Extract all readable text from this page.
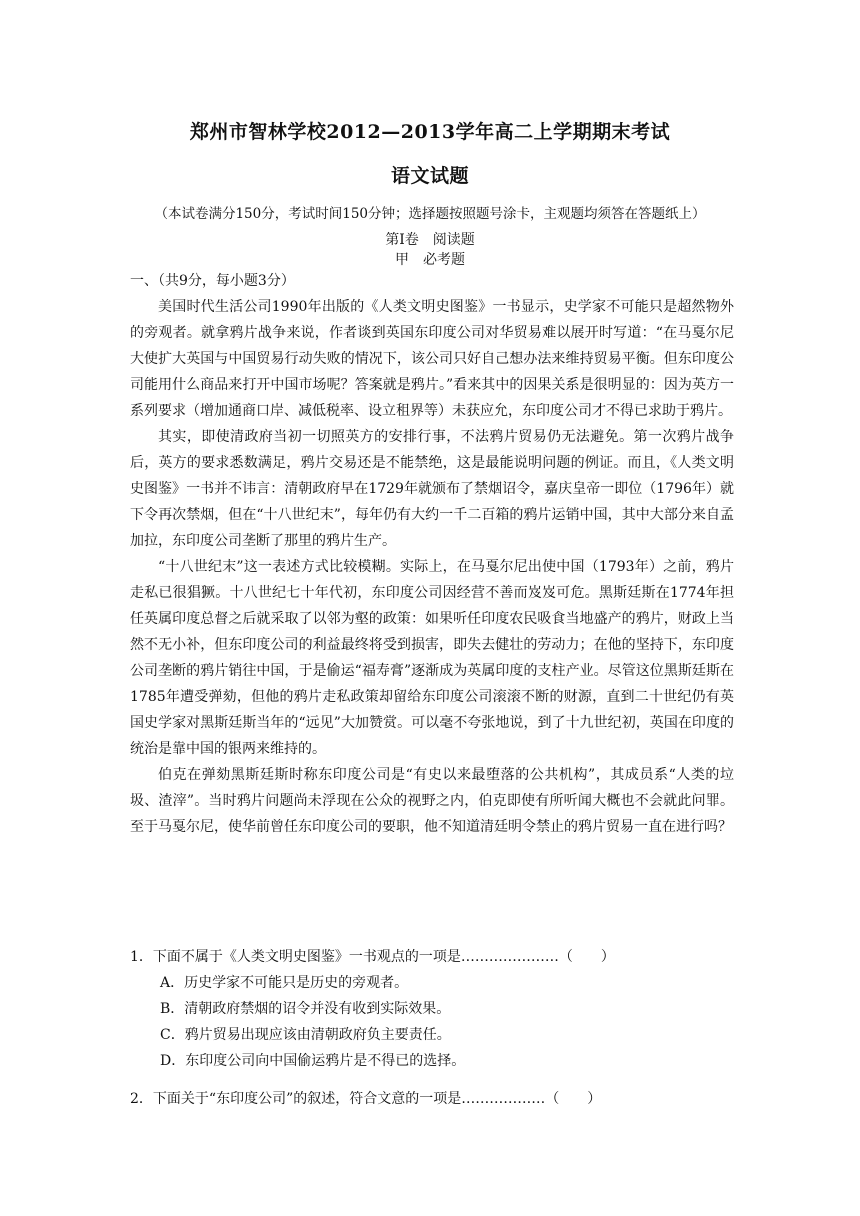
郑州市智林学校2012—2013学年高二上学期期末考试
语文试题
（本试卷满分150分，考试时间150分钟；选择题按照题号涂卡，主观题均须答在答题纸上）
第Ⅰ卷　阅读题
甲　必考题
一、（共9分，每小题3分）

美国时代生活公司1990年出版的《人类文明史图鉴》一书显示，史学家不可能只是超然物外的旁观者。就拿鸦片战争来说，作者谈到英国东印度公司对华贸易难以展开时写道：“在马戛尔尼大使扩大英国与中国贸易行动失败的情况下，该公司只好自己想办法来维持贸易平衡。但东印度公司能用什么商品来打开中国市场呢？答案就是鸦片。”看来其中的因果关系是很明显的：因为英方一系列要求（增加通商口岸、减低税率、设立租界等）未获应允，东印度公司才不得已求助于鸦片。

其实，即使清政府当初一切照英方的安排行事，不法鸦片贸易仍无法避免。第一次鸦片战争后，英方的要求悉数满足，鸦片交易还是不能禁绝，这是最能说明问题的例证。而且，《人类文明史图鉴》一书并不讳言：清朝政府早在1729年就颁布了禁烟诏令，嘉庆皇帝一即位（1796年）就下令再次禁烟，但在“十八世纪末”，每年仍有大约一千二百箱的鸦片运销中国，其中大部分来自孟加拉，东印度公司垄断了那里的鸦片生产。

“十八世纪末”这一表述方式比较模糊。实际上，在马戛尔尼出使中国（1793年）之前，鸦片走私已很猖獗。十八世纪七十年代初，东印度公司因经营不善而岌岌可危。黑斯廷斯在1774年担任英属印度总督之后就采取了以邻为壑的政策：如果听任印度农民吸食当地盛产的鸦片，财政上当然不无小补，但东印度公司的利益最终将受到损害，即失去健壮的劳动力；在他的坚持下，东印度公司垄断的鸦片销往中国，于是偷运“福寿膏”逐渐成为英属印度的支柱产业。尽管这位黑斯廷斯在1785年遭受弹劾，但他的鸦片走私政策却留给东印度公司滚滚不断的财源，直到二十世纪仍有英国史学家对黑斯廷斯当年的“远见”大加赞赏。可以毫不夸张地说，到了十九世纪初，英国在印度的统治是靠中国的银两来维持的。

伯克在弹劾黑斯廷斯时称东印度公司是“有史以来最堕落的公共机构”，其成员系“人类的垃圾、渣滓”。当时鸦片问题尚未浮现在公众的视野之内，伯克即使有所听闻大概也不会就此问罪。至于马戛尔尼，使华前曾任东印度公司的要职，他不知道清廷明令禁止的鸦片贸易一直在进行吗？

1．下面不属于《人类文明史图鉴》一书观点的一项是…………………（　　）

A．历史学家不可能只是历史的旁观者。

B．清朝政府禁烟的诏令并没有收到实际效果。

C．鸦片贸易出现应该由清朝政府负主要责任。

D．东印度公司向中国偷运鸦片是不得已的选择。

2．下面关于“东印度公司”的叙述，符合文意的一项是………………（　　）
